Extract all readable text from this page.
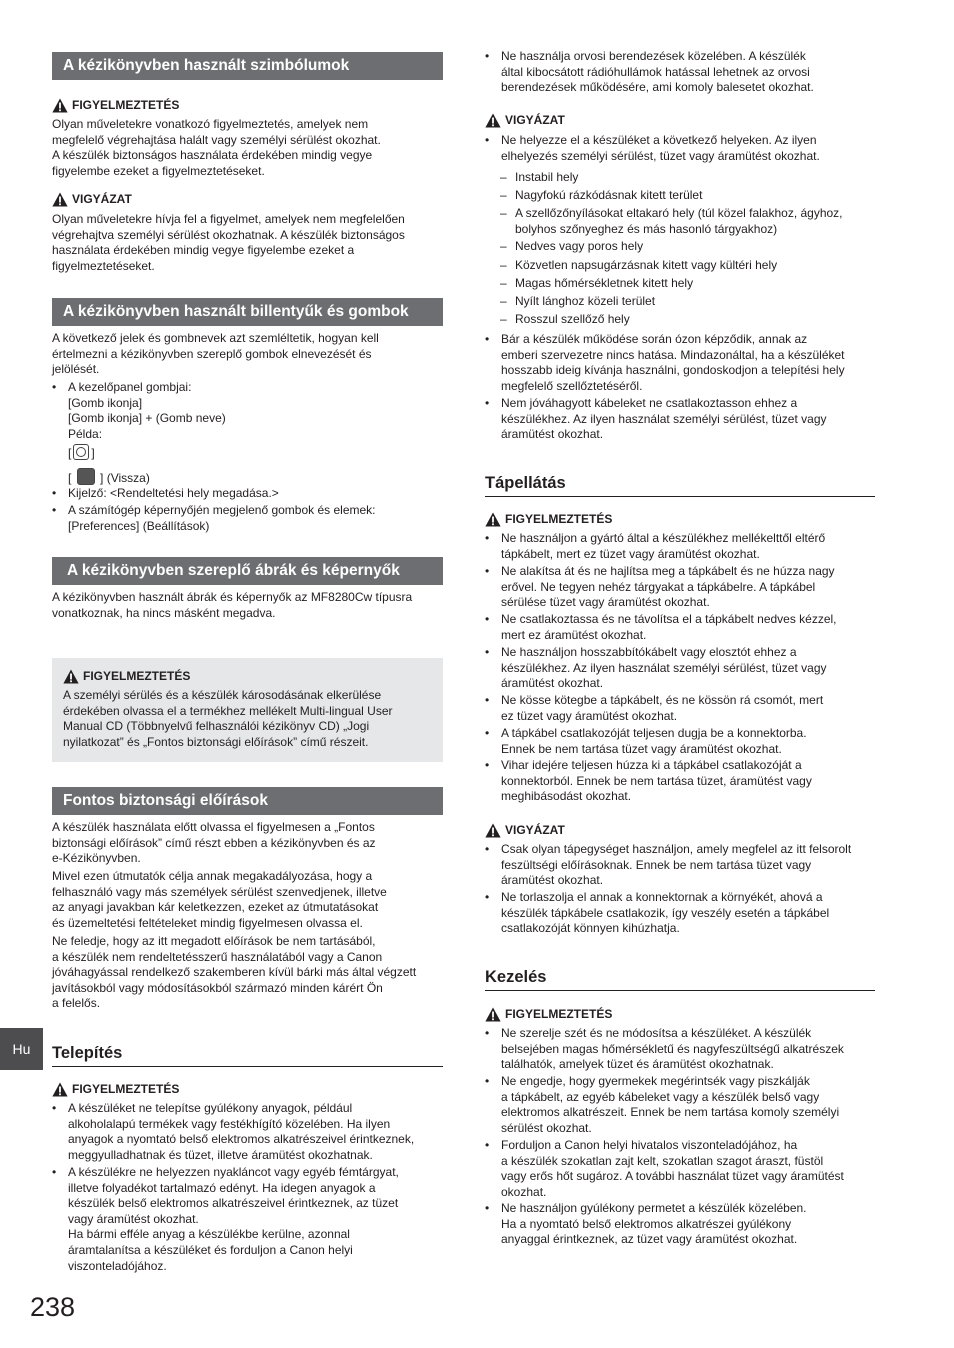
A kézikönyvben használt szimbólumok
FIGYELMEZTETÉS
Olyan műveletekre vonatkozó figyelmeztetés, amelyek nem
megfelelő végrehajtása halált vagy személyi sérülést okozhat.
A készülék biztonságos használata érdekében mindig vegye
figyelembe ezeket a figyelmeztetéseket.
VIGYÁZAT
Olyan műveletekre hívja fel a figyelmet, amelyek nem megfelelően
végrehajtva személyi sérülést okozhatnak. A készülék biztonságos
használata érdekében mindig vegye figyelembe ezeket a
figyelmeztetéseket.
A kézikönyvben használt billentyűk és gombok
A következő jelek és gombnevek azt szemléltetik, hogyan kell
értelmezni a kézikönyvben szereplő gombok elnevezését és
jelölését.
• A kezelőpanel gombjai:
[Gomb ikonja]
[Gomb ikonja] + (Gomb neve)
Példa:
[ ]
[ ] (Vissza)
• Kijelző: <Rendeltetési hely megadása.>
• A számítógép képernyőjén megjelenő gombok és elemek:
[Preferences] (Beállítások)
A kézikönyvben szereplő ábrák és képernyők
A kézikönyvben használt ábrák és képernyők az MF8280Cw típusra
vonatkoznak, ha nincs másként megadva.
FIGYELMEZTETÉS
A személyi sérülés és a készülék károsodásának elkerülése
érdekében olvassa el a termékhez mellékelt Multi-lingual User
Manual CD (Többnyelvű felhasználói kézikönyv CD) „Jogi
nyilatkozat” és „Fontos biztonsági előírások” című részeit.
Fontos biztonsági előírások
A készülék használata előtt olvassa el figyelmesen a „Fontos
biztonsági előírások” című részt ebben a kézikönyvben és az
e-Kézikönyvben.
Mivel ezen útmutatók célja annak megakadályozása, hogy a
felhasználó vagy más személyek sérülést szenvedjenek, illetve
az anyagi javakban kár keletkezzen, ezeket az útmutatásokat
és üzemeltetési feltételeket mindig figyelmesen olvassa el.
Ne feledje, hogy az itt megadott előírások be nem tartásából,
a készülék nem rendeltetésszerű használatából vagy a Canon
jóváhagyással rendelkező szakemberen kívül bárki más által végzett
javításokból vagy módosításokból származó minden kárért Ön
a felelős.
Telepítés
FIGYELMEZTETÉS
• A készüléket ne telepítse gyúlékony anyagok, például
alkoholalapú termékek vagy festékhígító közelében. Ha ilyen
anyagok a nyomtató belső elektromos alkatrészeivel érintkeznek,
meggyulladhatnak és tüzet, illetve áramütést okozhatnak.
• A készülékre ne helyezzen nyakláncot vagy egyéb fémtárgyat,
illetve folyadékot tartalmazó edényt. Ha idegen anyagok a
készülék belső elektromos alkatrészeivel érintkeznek, az tüzet
vagy áramütést okozhat.
Ha bármi efféle anyag a készülékbe kerülne, azonnal
áramtalanítsa a készüléket és forduljon a Canon helyi
viszonteladójához.
• Ne használja orvosi berendezések közelében. A készülék
által kibocsátott rádióhullámok hatással lehetnek az orvosi
berendezések működésére, ami komoly balesetet okozhat.
VIGYÁZAT
• Ne helyezze el a készüléket a következő helyeken. Az ilyen
elhelyezés személyi sérülést, tüzet vagy áramütést okozhat.
– Instabil hely
– Nagyfokú rázkódásnak kitett terület
– A szellőzőnyílásokat eltakaró hely (túl közel falakhoz, ágyhoz,
bolyhos szőnyeghez és más hasonló tárgyakhoz)
– Nedves vagy poros hely
– Közvetlen napsugárzásnak kitett vagy kültéri hely
– Magas hőmérsékletnek kitett hely
– Nyílt lánghoz közeli terület
– Rosszul szellőző hely
• Bár a készülék működése során ózon képződik, annak az
emberi szervezetre nincs hatása. Mindazonáltal, ha a készüléket
hosszabb ideig kívánja használni, gondoskodjon a telepítési hely
megfelelő szellőztetéséről.
• Nem jóváhagyott kábeleket ne csatlakoztasson ehhez a
készülékhez. Az ilyen használat személyi sérülést, tüzet vagy
áramütést okozhat.
Tápellátás
FIGYELMEZTETÉS
• Ne használjon a gyártó által a készülékhez mellékelttől eltérő
tápkábelt, mert ez tüzet vagy áramütést okozhat.
• Ne alakítsa át és ne hajlítsa meg a tápkábelt és ne húzza nagy
erővel. Ne tegyen nehéz tárgyakat a tápkábelre. A tápkábel
sérülése tüzet vagy áramütést okozhat.
• Ne csatlakoztassa és ne távolítsa el a tápkábelt nedves kézzel,
mert ez áramütést okozhat.
• Ne használjon hosszabbítókábelt vagy elosztót ehhez a
készülékhez. Az ilyen használat személyi sérülést, tüzet vagy
áramütést okozhat.
• Ne kösse kötegbe a tápkábelt, és ne kössön rá csomót, mert
ez tüzet vagy áramütést okozhat.
• A tápkábel csatlakozóját teljesen dugja be a konnektorba.
Ennek be nem tartása tüzet vagy áramütést okozhat.
• Vihar idejére teljesen húzza ki a tápkábel csatlakozóját a
konnektorból. Ennek be nem tartása tüzet, áramütést vagy
meghibásodást okozhat.
VIGYÁZAT
• Csak olyan tápegységet használjon, amely megfelel az itt felsorolt
feszültségi előírásoknak. Ennek be nem tartása tüzet vagy
áramütést okozhat.
• Ne torlaszolja el annak a konnektornak a környékét, ahová a
készülék tápkábele csatlakozik, így veszély esetén a tápkábel
csatlakozóját könnyen kihúzhatja.
Kezelés
FIGYELMEZTETÉS
• Ne szerelje szét és ne módosítsa a készüléket. A készülék
belsejében magas hőmérsékletű és nagyfeszültségű alkatrészek
találhatók, amelyek tüzet és áramütést okozhatnak.
• Ne engedje, hogy gyermekek megérintsék vagy piszkálják
a tápkábelt, az egyéb kábeleket vagy a készülék belső vagy
elektromos alkatrészeit. Ennek be nem tartása komoly személyi
sérülést okozhat.
• Forduljon a Canon helyi hivatalos viszonteladójához, ha
a készülék szokatlan zajt kelt, szokatlan szagot áraszt, füstöl
vagy erős hőt sugároz. A további használat tüzet vagy áramütést
okozhat.
• Ne használjon gyúlékony permetet a készülék közelében.
Ha a nyomtató belső elektromos alkatrészei gyúlékony
anyaggal érintkeznek, az tüzet vagy áramütést okozhat.
Hu
238
